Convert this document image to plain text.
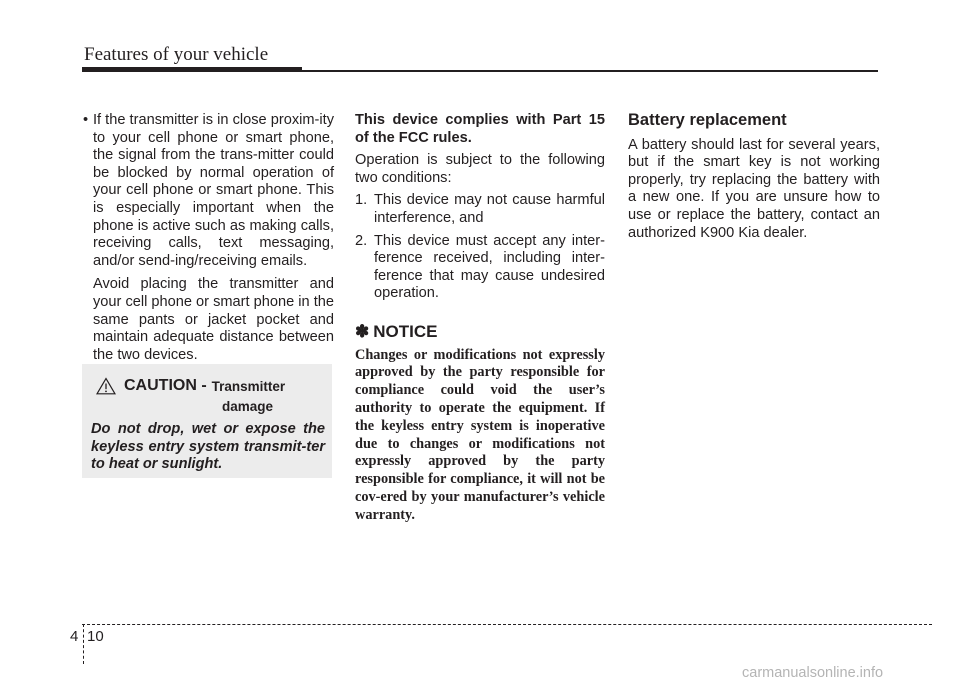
Features of your vehicle
• If the transmitter is in close proxim-ity to your cell phone or smart phone, the signal from the trans-mitter could be blocked by normal operation of your cell phone or smart phone. This is especially important when the phone is active such as making calls, receiving calls, text messaging, and/or send-ing/receiving emails.

Avoid placing the transmitter and your cell phone or smart phone in the same pants or jacket pocket and maintain adequate distance between the two devices.

CAUTION - Transmitter
damage
Do not drop, wet or expose the keyless entry system transmit-ter to heat or sunlight.

This device complies with Part 15 of the FCC rules.

Operation is subject to the following two conditions:

1. This device may not cause harmful interference, and
2. This device must accept any inter-ference received, including inter-ference that may cause undesired operation.
✽ NOTICE

Changes or modifications not expressly approved by the party responsible for compliance could void the user’s authority to operate the equipment. If the keyless entry system is inoperative due to changes or modifications not expressly approved by the party responsible for compliance, it will not be cov-ered by your manufacturer’s vehicle warranty.

Battery replacement

A battery should last for several years, but if the smart key is not working properly, try replacing the battery with a new one. If you are unsure how to use or replace the battery, contact an authorized K900 Kia dealer.

4 10
carmanualsonline.info
